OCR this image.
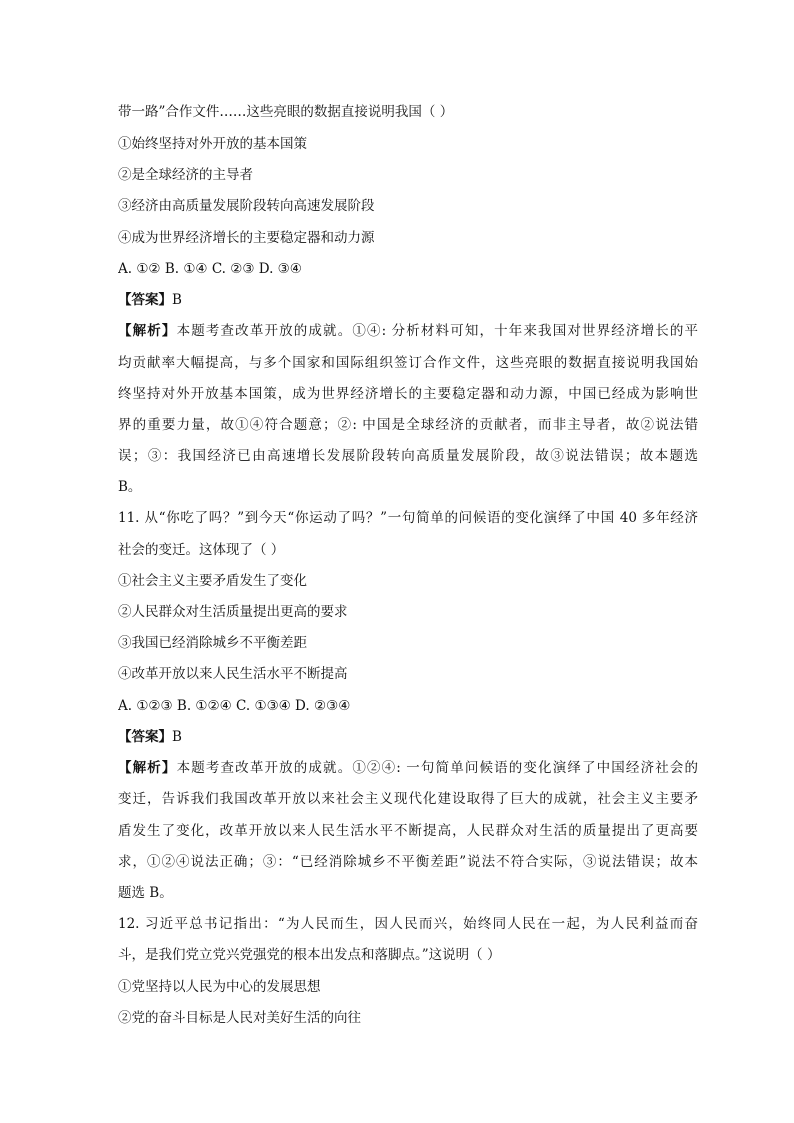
带一路”合作文件……这些亮眼的数据直接说明我国（ ）
①始终坚持对外开放的基本国策
②是全球经济的主导者
③经济由高质量发展阶段转向高速发展阶段
④成为世界经济增长的主要稳定器和动力源
A. ①② B. ①④ C. ②③ D. ③④
【答案】B
【解析】本题考查改革开放的成就。①④: 分析材料可知，十年来我国对世界经济增长的平
均贡献率大幅提高，与多个国家和国际组织签订合作文件，这些亮眼的数据直接说明我国始
终坚持对外开放基本国策，成为世界经济增长的主要稳定器和动力源，中国已经成为影响世
界的重要力量，故①④符合题意；②: 中国是全球经济的贡献者，而非主导者，故②说法错
误；③：我国经济已由高速增长发展阶段转向高质量发展阶段，故③说法错误；故本题选
B。
11. 从“你吃了吗？”到今天“你运动了吗？”一句简单的问候语的变化演绎了中国 40 多年经济
社会的变迁。这体现了（ ）
①社会主义主要矛盾发生了变化
②人民群众对生活质量提出更高的要求
③我国已经消除城乡不平衡差距
④改革开放以来人民生活水平不断提高
A. ①②③ B. ①②④ C. ①③④ D. ②③④
【答案】B
【解析】本题考查改革开放的成就。①②④: 一句简单问候语的变化演绎了中国经济社会的
变迁，告诉我们我国改革开放以来社会主义现代化建设取得了巨大的成就，社会主义主要矛
盾发生了变化，改革开放以来人民生活水平不断提高，人民群众对生活的质量提出了更高要
求，①②④说法正确；③：“已经消除城乡不平衡差距”说法不符合实际，③说法错误；故本
题选 B。
12. 习近平总书记指出：“为人民而生，因人民而兴，始终同人民在一起，为人民利益而奋
斗，是我们党立党兴党强党的根本出发点和落脚点。”这说明（ ）
①党坚持以人民为中心的发展思想
②党的奋斗目标是人民对美好生活的向往
